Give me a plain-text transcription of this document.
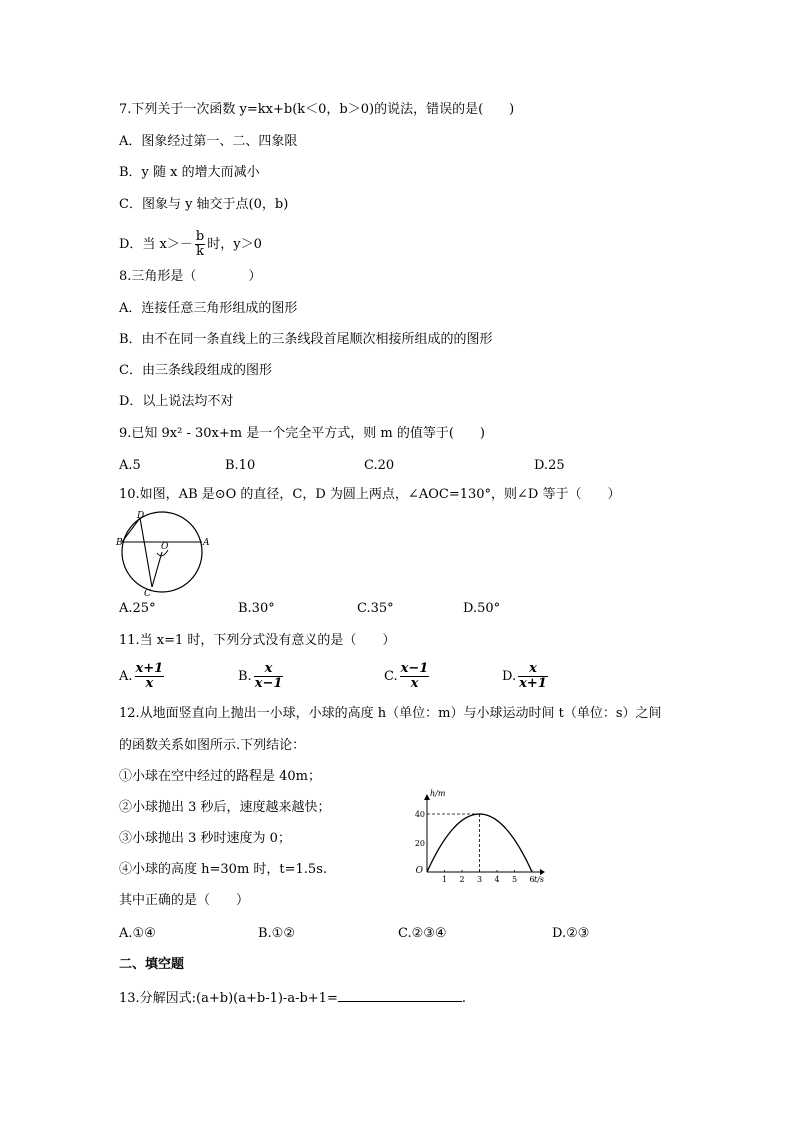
7.下列关于一次函数 y=kx+b(k＜0，b＞0)的说法，错误的是(　　)
A．图象经过第一、二、四象限
B．y 随 x 的增大而减小
C．图象与 y 轴交于点(0，b)
D．当 $x>- \frac{b}{k}$ 时，y＞0
8.三角形是（　　　　）
A．连接任意三角形组成的图形
B．由不在同一条直线上的三条线段首尾顺次相接所组成的的图形
C．由三条线段组成的图形
D．以上说法均不对
9.已知 9x² - 30x+m 是一个完全平方式，则 m 的值等于(　　)
A.5	B.10	C.20	D.25
10.如图，AB 是⊙O 的直径，C，D 为圆上两点，∠AOC=130°，则∠D 等于（　　）
D
B	O	A
C
A.25°	B.30°	C.35°	D.50°
11.当 x=1 时，下列分式没有意义的是（　　）
A. $\frac{x+1}{x}$	B. $\frac{x}{x-1}$	C. $\frac{x-1}{x}$	D. $\frac{x}{x+1}$
12.从地面竖直向上抛出一小球，小球的高度 h（单位：m）与小球运动时间 t（单位：s）之间
的函数关系如图所示.下列结论：
①小球在空中经过的路程是 40m；
②小球抛出 3 秒后，速度越来越快；
③小球抛出 3 秒时速度为 0；
④小球的高度 h=30m 时，t=1.5s.
其中正确的是（　　）
1 2 3 4 5 6
20
40
O
h/m
t/s
A.①④	B.①②	C.②③④	D.②③
二、填空题
13.分解因式:(a+b)(a+b-1)-a-b+1=	.
